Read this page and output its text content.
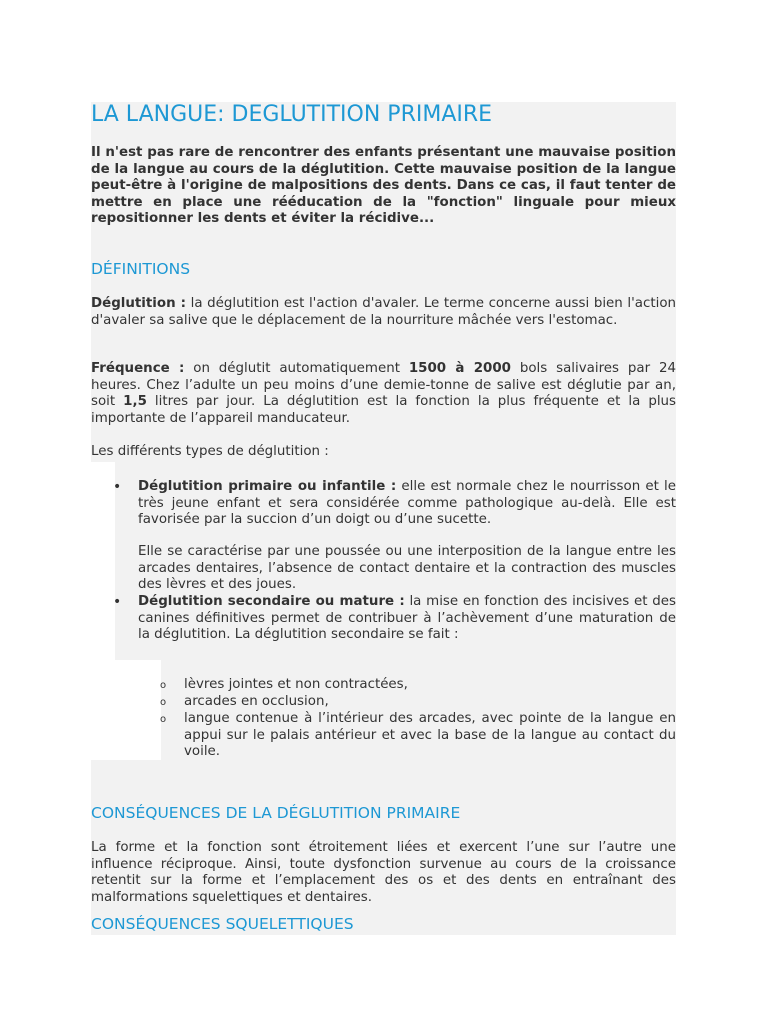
LA LANGUE: DEGLUTITION PRIMAIRE

Il n'est pas rare de rencontrer des enfants présentant une mauvaise position de la langue au cours de la déglutition. Cette mauvaise position de la langue peut-être à l'origine de malpositions des dents. Dans ce cas, il faut tenter de mettre en place une rééducation de la "fonction" linguale pour mieux repositionner les dents et éviter la récidive...

DÉFINITIONS

Déglutition : la déglutition est l'action d'avaler. Le terme concerne aussi bien l'action d'avaler sa salive que le déplacement de la nourriture mâchée vers l'estomac.

Fréquence : on déglutit automatiquement 1500 à 2000 bols salivaires par 24 heures. Chez l’adulte un peu moins d’une demie-tonne de salive est déglutie par an, soit 1,5 litres par jour. La déglutition est la fonction la plus fréquente et la plus importante de l’appareil manducateur.

Les différents types de déglutition :

• Déglutition primaire ou infantile : elle est normale chez le nourrisson et le très jeune enfant et sera considérée comme pathologique au-delà. Elle est favorisée par la succion d’un doigt ou d’une sucette.

Elle se caractérise par une poussée ou une interposition de la langue entre les arcades dentaires, l’absence de contact dentaire et la contraction des muscles des lèvres et des joues.

• Déglutition secondaire ou mature : la mise en fonction des incisives et des canines définitives permet de contribuer à l’achèvement d’une maturation de la déglutition. La déglutition secondaire se fait :

o lèvres jointes et non contractées,

o arcades en occlusion,

o langue contenue à l’intérieur des arcades, avec pointe de la langue en appui sur le palais antérieur et avec la base de la langue au contact du voile.

CONSÉQUENCES DE LA DÉGLUTITION PRIMAIRE

La forme et la fonction sont étroitement liées et exercent l’une sur l’autre une influence réciproque. Ainsi, toute dysfonction survenue au cours de la croissance retentit sur la forme et l’emplacement des os et des dents en entraînant des malformations squelettiques et dentaires.

CONSÉQUENCES SQUELETTIQUES
